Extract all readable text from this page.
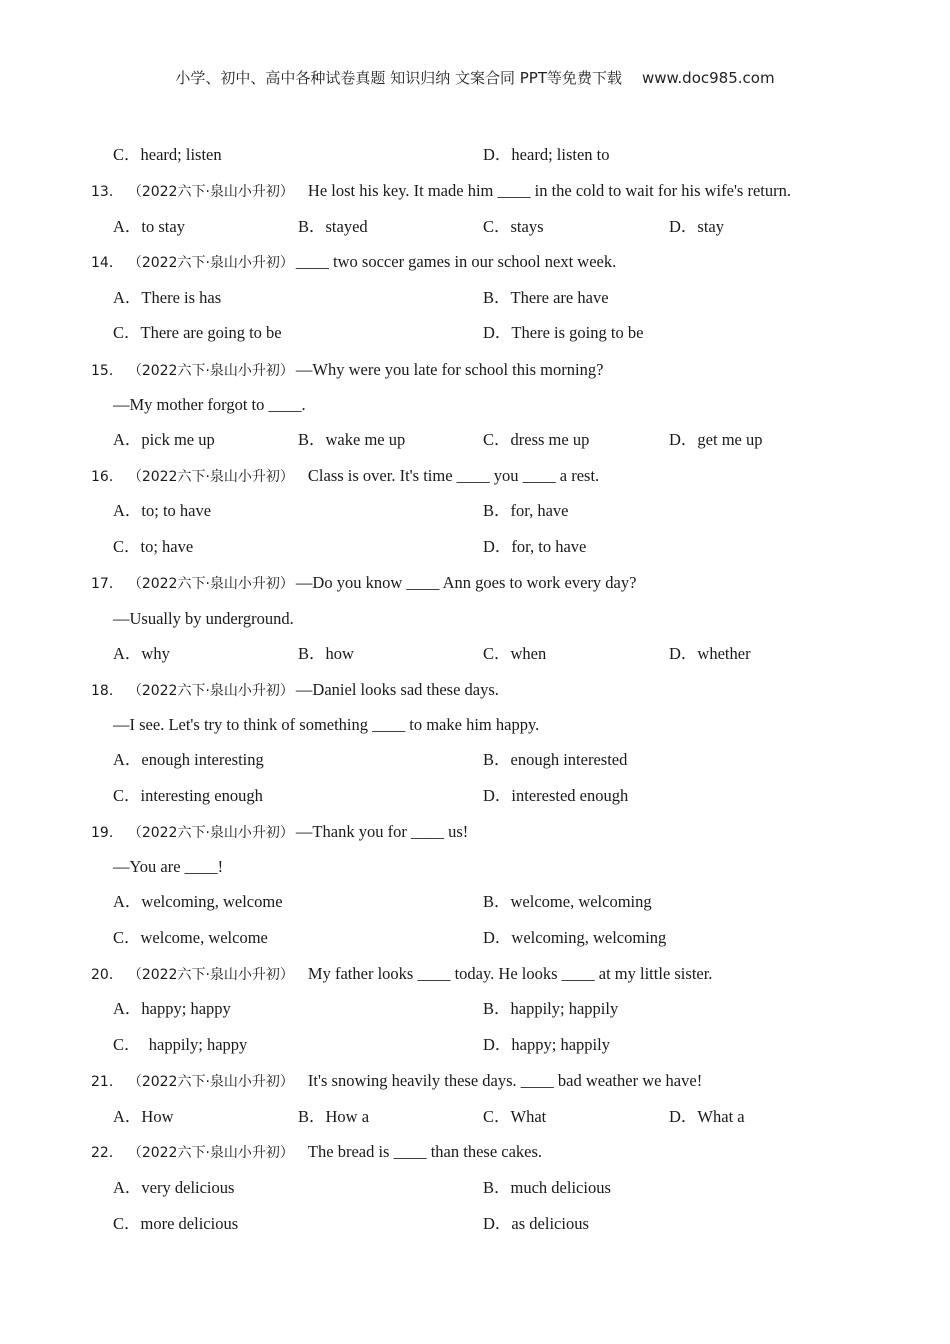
小学、初中、高中各种试卷真题 知识归纳 文案合同 PPT等免费下载 www.doc985.com
C．heard; listen	D．heard; listen to
13． （2022六下·泉山小升初） He lost his key. It made him ____ in the cold to wait for his wife's return.
A．to stay	B．stayed	C．stays	D．stay
14． （2022六下·泉山小升初） ____ two soccer games in our school next week.
A．There is has	B．There are have
C．There are going to be	D．There is going to be
15． （2022六下·泉山小升初） —Why were you late for school this morning?
—My mother forgot to ____.
A．pick me up	B．wake me up	C．dress me up	D．get me up
16． （2022六下·泉山小升初） Class is over. It's time ____ you ____ a rest.
A．to; to have	B．for, have
C．to; have	D．for, to have
17． （2022六下·泉山小升初） —Do you know ____ Ann goes to work every day?
—Usually by underground.
A．why	B．how	C．when	D．whether
18． （2022六下·泉山小升初） —Daniel looks sad these days.
—I see. Let's try to think of something ____ to make him happy.
A．enough interesting	B．enough interested
C．interesting enough	D．interested enough
19． （2022六下·泉山小升初） —Thank you for ____ us!
—You are ____!
A．welcoming, welcome	B．welcome, welcoming
C．welcome, welcome	D．welcoming, welcoming
20． （2022六下·泉山小升初） My father looks ____ today. He looks ____ at my little sister.
A．happy; happy	B．happily; happily
C．  happily; happy	D．happy; happily
21． （2022六下·泉山小升初） It's snowing heavily these days. ____ bad weather we have!
A．How	B．How a	C．What	D．What a
22． （2022六下·泉山小升初） The bread is ____ than these cakes.
A．very delicious	B．much delicious
C．more delicious	D．as delicious
